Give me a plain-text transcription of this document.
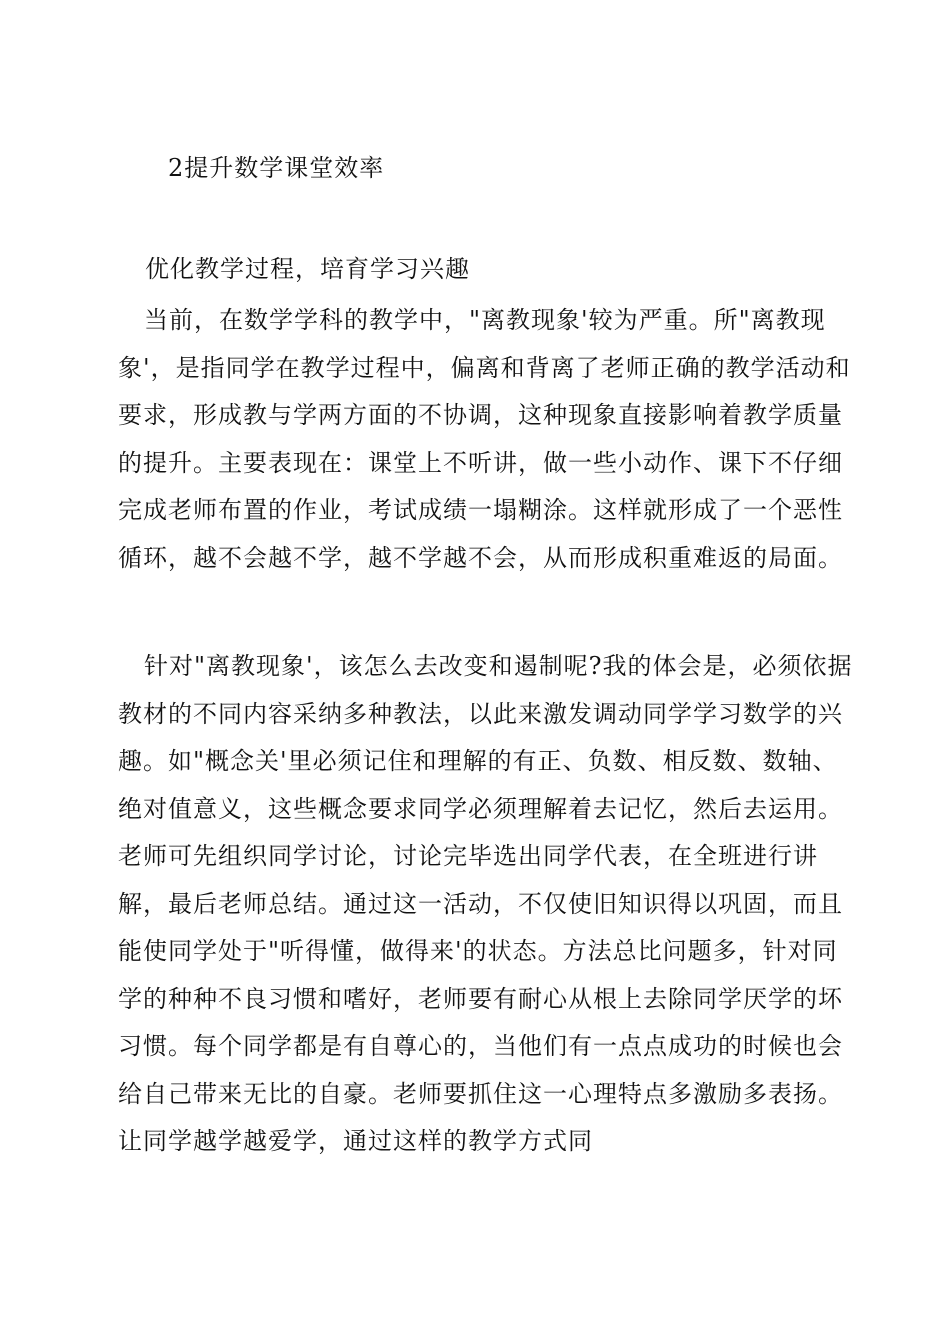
2提升数学课堂效率
优化教学过程，培育学习兴趣
当前，在数学学科的教学中，"离教现象'较为严重。所"离教现象'，是指同学在教学过程中，偏离和背离了老师正确的教学活动和要求，形成教与学两方面的不协调，这种现象直接影响着教学质量的提升。主要表现在：课堂上不听讲，做一些小动作、课下不仔细完成老师布置的作业，考试成绩一塌糊涂。这样就形成了一个恶性循环，越不会越不学，越不学越不会，从而形成积重难返的局面。
针对"离教现象'，该怎么去改变和遏制呢?我的体会是，必须依据教材的不同内容采纳多种教法，以此来激发调动同学学习数学的兴趣。如"概念关'里必须记住和理解的有正、负数、相反数、数轴、绝对值意义，这些概念要求同学必须理解着去记忆，然后去运用。老师可先组织同学讨论，讨论完毕选出同学代表，在全班进行讲解，最后老师总结。通过这一活动，不仅使旧知识得以巩固，而且能使同学处于"听得懂，做得来'的状态。方法总比问题多，针对同学的种种不良习惯和嗜好，老师要有耐心从根上去除同学厌学的坏习惯。每个同学都是有自尊心的，当他们有一点点成功的时候也会给自己带来无比的自豪。老师要抓住这一心理特点多激励多表扬。让同学越学越爱学，通过这样的教学方式同
